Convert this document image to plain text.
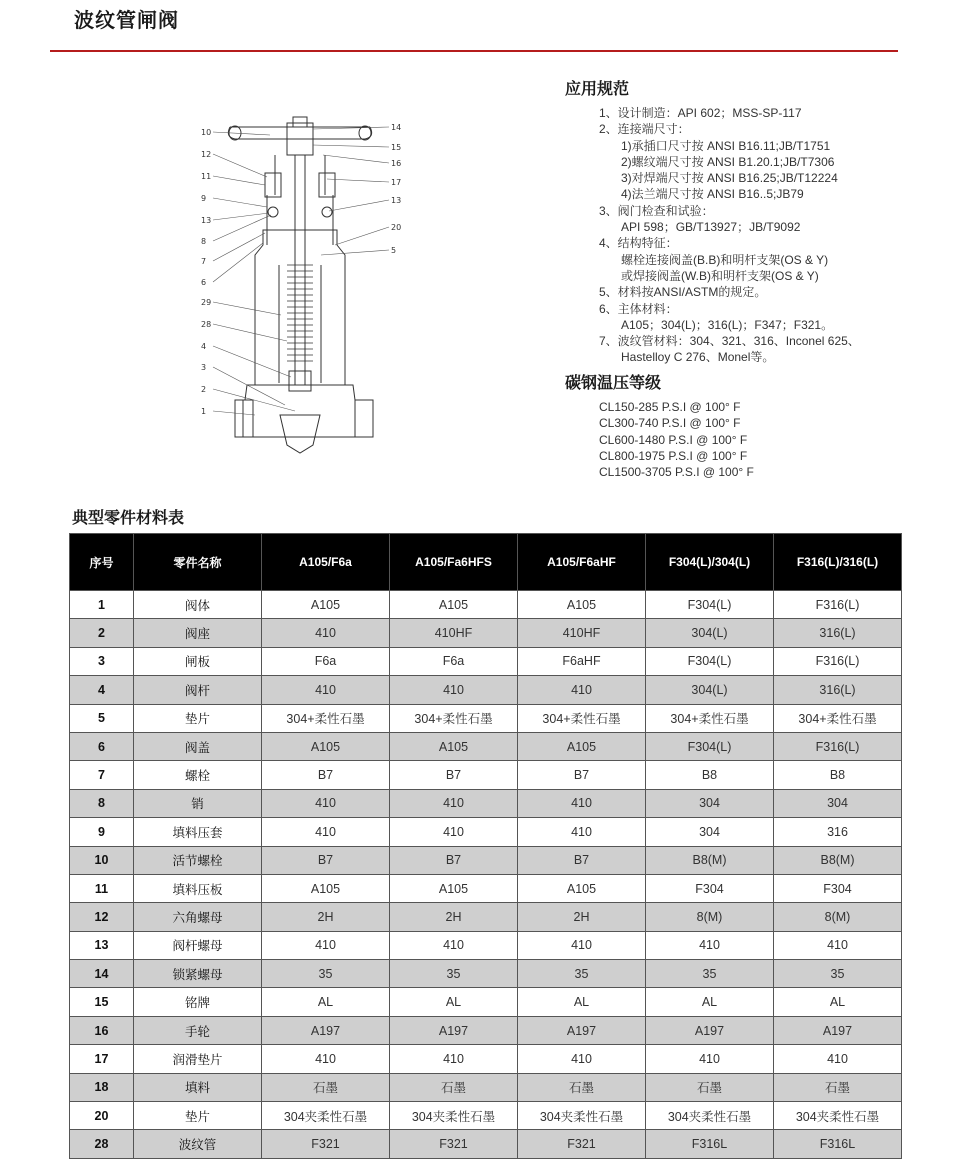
波纹管闸阀
10
12
11
9
13
8
7
6
29
28
4
3
2
1
14
15
16
17
13
20
5
应用规范
1、设计制造：API 602；MSS-SP-117
2、连接端尺寸：
1)承插口尺寸按 ANSI B16.11;JB/T1751
2)螺纹端尺寸按 ANSI B1.20.1;JB/T7306
3)对焊端尺寸按 ANSI B16.25;JB/T12224
4)法兰端尺寸按 ANSI B16..5;JB79
3、阀门检查和试验：
API 598；GB/T13927；JB/T9092
4、结构特征：
螺栓连接阀盖(B.B)和明杆支架(OS & Y)
或焊接阀盖(W.B)和明杆支架(OS & Y)
5、材料按ANSI/ASTM的规定。
6、主体材料：
A105；304(L)；316(L)；F347；F321。
7、波纹管材料：304、321、316、Inconel 625、
Hastelloy C 276、Monel等。
碳钢温压等级
CL150-285 P.S.I @ 100° F
CL300-740 P.S.I @ 100° F
CL600-1480 P.S.I @ 100° F
CL800-1975 P.S.I @ 100° F
CL1500-3705 P.S.I @ 100° F
典型零件材料表
序号	零件名称	A105/F6a	A105/Fa6HFS	A105/F6aHF	F304(L)/304(L)	F316(L)/316(L)
1	阀体	A105	A105	A105	F304(L)	F316(L)
2	阀座	410	410HF	410HF	304(L)	316(L)
3	闸板	F6a	F6a	F6aHF	F304(L)	F316(L)
4	阀杆	410	410	410	304(L)	316(L)
5	垫片	304+柔性石墨	304+柔性石墨	304+柔性石墨	304+柔性石墨	304+柔性石墨
6	阀盖	A105	A105	A105	F304(L)	F316(L)
7	螺栓	B7	B7	B7	B8	B8
8	销	410	410	410	304	304
9	填料压套	410	410	410	304	316
10	活节螺栓	B7	B7	B7	B8(M)	B8(M)
11	填料压板	A105	A105	A105	F304	F304
12	六角螺母	2H	2H	2H	8(M)	8(M)
13	阀杆螺母	410	410	410	410	410
14	锁紧螺母	35	35	35	35	35
15	铭牌	AL	AL	AL	AL	AL
16	手轮	A197	A197	A197	A197	A197
17	润滑垫片	410	410	410	410	410
18	填料	石墨	石墨	石墨	石墨	石墨
20	垫片	304夹柔性石墨	304夹柔性石墨	304夹柔性石墨	304夹柔性石墨	304夹柔性石墨
28	波纹管	F321	F321	F321	F316L	F316L
